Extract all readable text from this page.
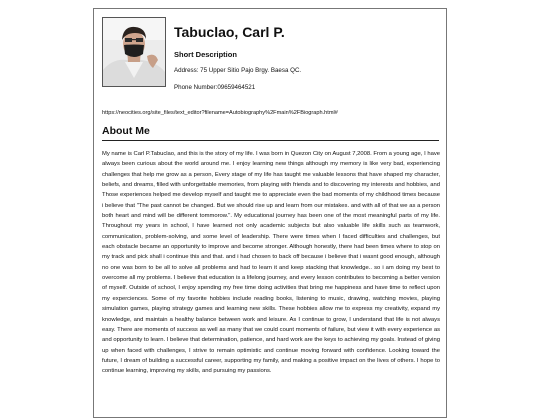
Tabuclao, Carl P.
Short Description
Address: 75 Upper Sitio Pajo Brgy. Baesa QC.
Phone Number:09659464521
https://neocities.org/site_files/text_editor?filename=Autobiography%2Fmain%2FBiograph.html#
About Me

My name is Carl P.Tabuclao, and this is the story of my life. I was born in Quezon City on August 7,2008. From a young age, I have always been curious about the world around me. I enjoy learning new things although my memory is like very bad, experiencing challenges that help me grow as a person, Every stage of my life has taught me valuable lessons that have shaped my character, beliefs, and dreams, filled with unforgettable memories, from playing with friends and to discovering my interests and hobbies, and Those experiences helped me develop myself and taught me to appreciate even the bad moments of my childhood times because i believe that "The past cannot be changed. But we should rise up and learn from our mistakes. and with all of that we as a person both heart and mind will be different tommorow.". My educational journey has been one of the most meaningful parts of my life. Throughout my years in school, I have learned not only academic subjects but also valuable life skills such as teamwork, communication, problem-solving, and some level of leadership. There were times when I faced difficulties and challenges, but each obstacle became an opportunity to improve and become stronger. Although honestly, there had been times where to stop on my track and pick shall i continue this and that. and i had chosen to back off because i believe that i wasnt good enough, although no one was born to be all to solve all problems and had to learn it and keep stacking that knowledge.. so i am doing my best to overcome all my problems. I believe that education is a lifelong journey, and every lesson contributes to becoming a better version of myself. Outside of school, I enjoy spending my free time doing activities that bring me happiness and have time to reflect upon my experciences. Some of my favorite hobbies include reading books, listening to music, drawing, watching movies, playing simulation games, playing strategy games and learning new skills. These hobbies allow me to express my creativity, expand my knowledge, and maintain a healthy balance between work and leisure. As I continue to grow, I understand that life is not always easy. There are moments of success as well as many that we could count moments of failure, but view it with every experience as and opportunity to learn. I believe that determination, patience, and hard work are the keys to achieving my goals. Instead of giving up when faced with challenges, I strive to remain optimistic and continue moving forward with confidence. Looking toward the future, I dream of building a successful career, supporting my family, and making a positive impact on the lives of others. I hope to continue learning, improving my skills, and pursuing my passions.
